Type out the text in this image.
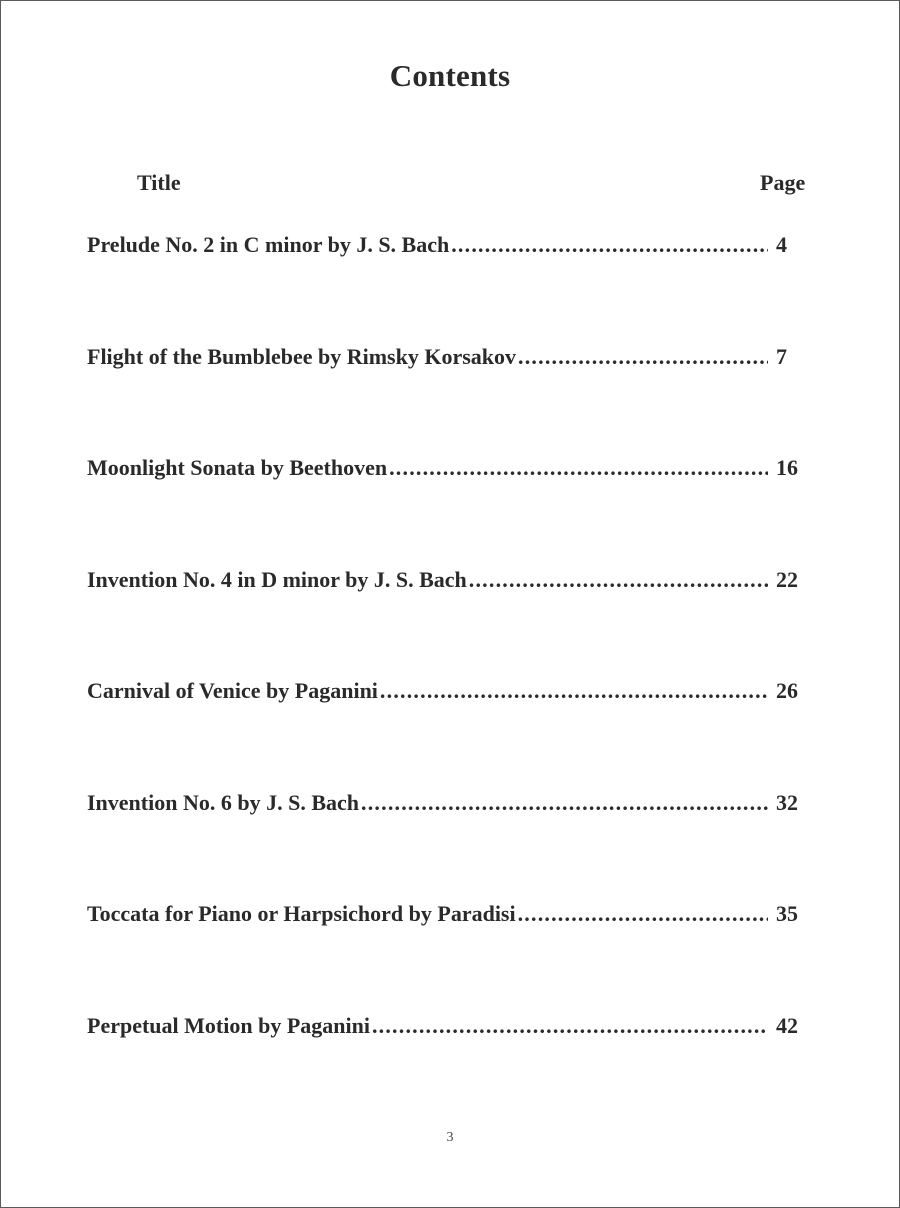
Contents
Title	Page
Prelude No. 2 in C minor by J. S. Bach .....	4
Flight of the Bumblebee by Rimsky Korsakov .....	7
Moonlight Sonata by Beethoven .....	16
Invention No. 4 in D minor by J. S. Bach .....	22
Carnival of Venice by Paganini .....	26
Invention No. 6 by J. S. Bach .....	32
Toccata for Piano or Harpsichord by Paradisi .....	35
Perpetual Motion by Paganini .....	42
3
